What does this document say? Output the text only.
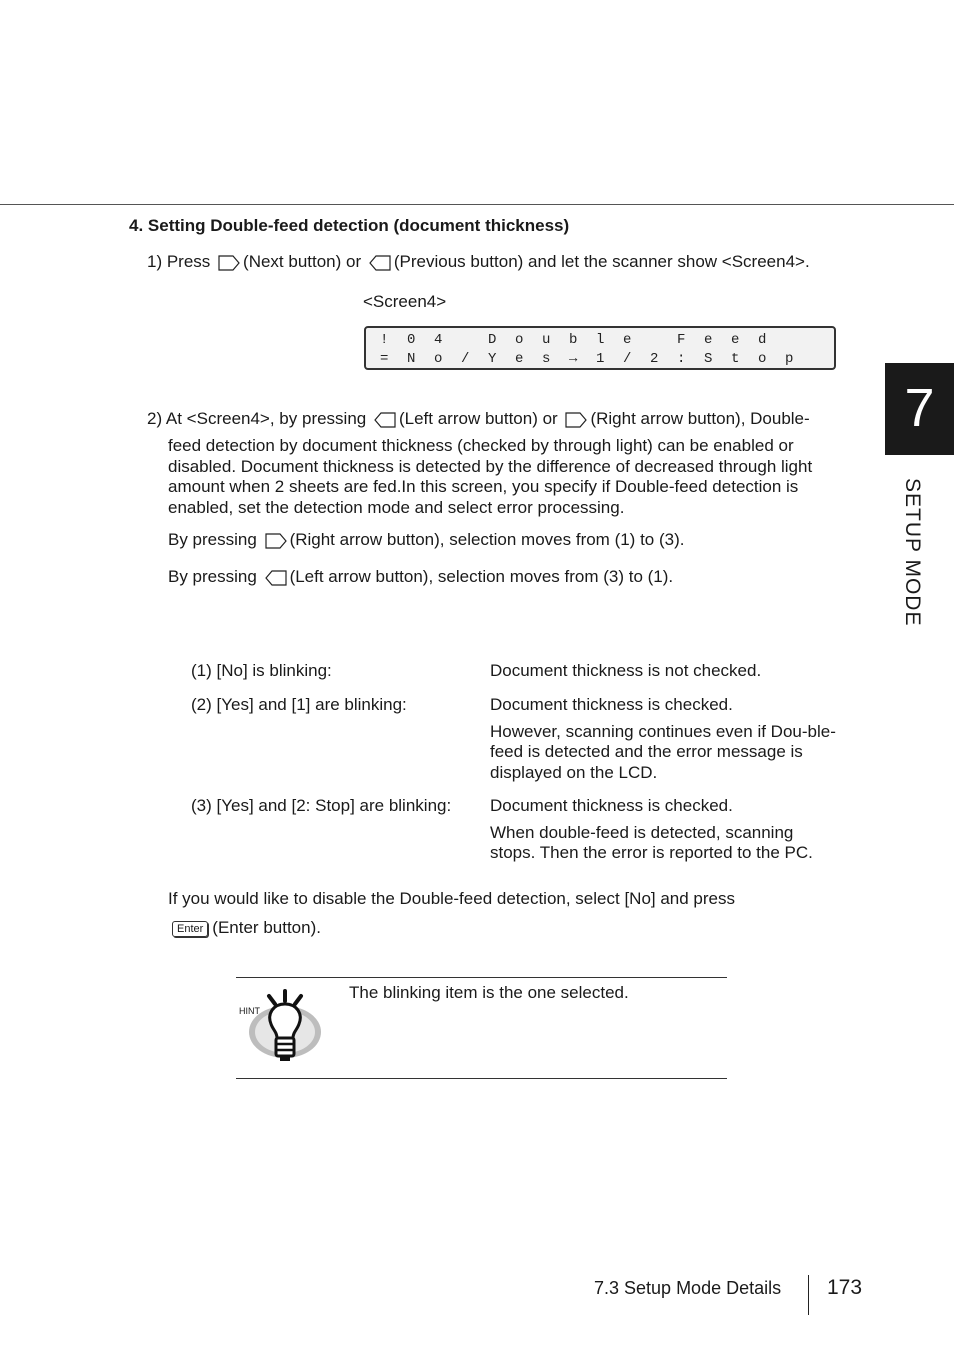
4. Setting Double-feed detection (document thickness)
1) Press (Next button) or (Previous button) and let the scanner show <Screen4>.
<Screen4>
! 0 4	D o u b l e	F e e d
= N o / Y e s → 1 / 2 : S t o p
2) At <Screen4>, by pressing (Left arrow button) or (Right arrow button), Double-
feed detection by document thickness (checked by through light) can be enabled or disabled. Document thickness is detected by the difference of decreased through light amount when 2 sheets are fed.In this screen, you specify if Double-feed detection is enabled, set the detection mode and select error processing.
By pressing (Right arrow button), selection moves from (1) to (3).
By pressing (Left arrow button), selection moves from (3) to (1).
(1) [No] is blinking:	Document thickness is not checked.
(2) [Yes] and [1] are blinking:	Document thickness is checked.
However, scanning continues even if Dou-ble-feed is detected and the error message is displayed on the LCD.
(3) [Yes] and [2: Stop] are blinking: Document thickness is checked.
When double-feed is detected, scanning stops. Then the error is reported to the PC.
If you would like to disable the Double-feed detection, select [No] and press
Enter (Enter button).
HINT
The blinking item is the one selected.
7
SETUP MODE
7.3 Setup Mode Details 173
